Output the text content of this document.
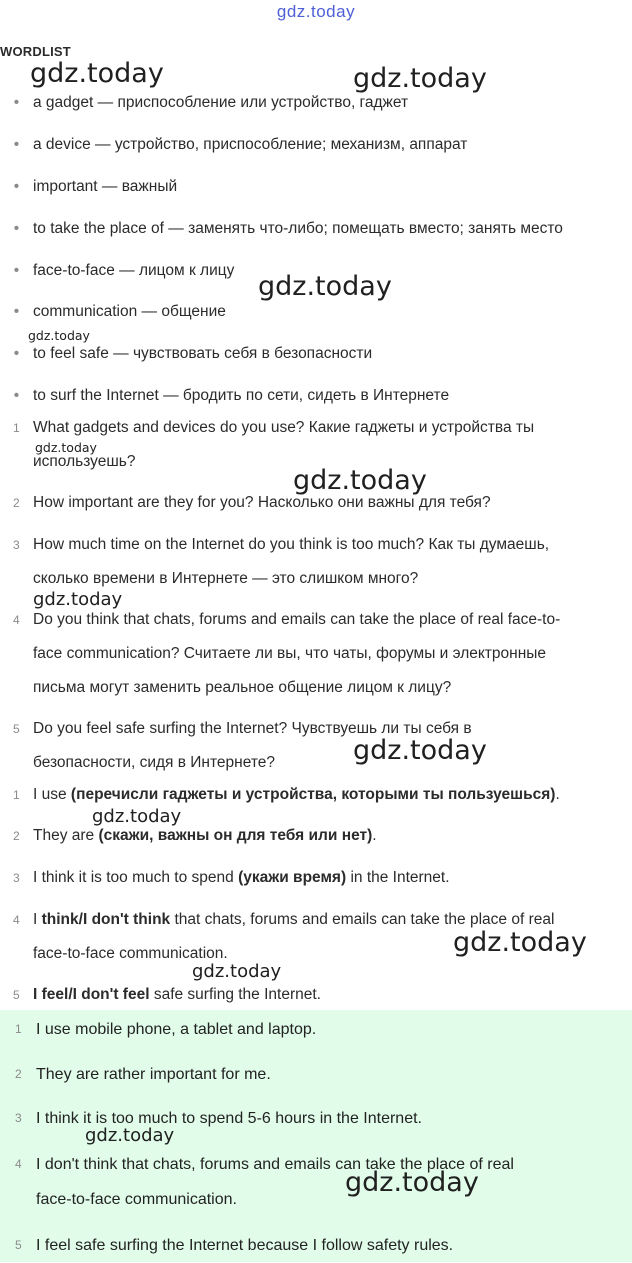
gdz.today
WORDLIST
• a gadget — приспособление или устройство, гаджет
• a device — устройство, приспособление; механизм, аппарат
• important — важный
• to take the place of — заменять что-либо; помещать вместо; занять место
• face-to-face — лицом к лицу
• communication — общение
• to feel safe — чувствовать себя в безопасности
• to surf the Internet — бродить по сети, сидеть в Интернете
1 What gadgets and devices do you use? Какие гаджеты и устройства ты
используешь?
2 How important are they for you? Насколько они важны для тебя?
3 How much time on the Internet do you think is too much? Как ты думаешь,
сколько времени в Интернете — это слишком много?
4 Do you think that chats, forums and emails can take the place of real face-to-
face communication? Считаете ли вы, что чаты, форумы и электронные
письма могут заменить реальное общение лицом к лицу?
5 Do you feel safe surfing the Internet? Чувствуешь ли ты себя в
безопасности, сидя в Интернете?
1 I use (перечисли гаджеты и устройства, которыми ты пользуешься).
2 They are (скажи, важны он для тебя или нет).
3 I think it is too much to spend (укажи время) in the Internet.
4 I think/I don't think that chats, forums and emails can take the place of real
face-to-face communication.
5 I feel/I don't feel safe surfing the Internet.
1 I use mobile phone, a tablet and laptop.
2 They are rather important for me.
3 I think it is too much to spend 5-6 hours in the Internet.
4 I don't think that chats, forums and emails can take the place of real
face-to-face communication.
5 I feel safe surfing the Internet because I follow safety rules.
gdz.today	gdz.today
gdz.today
gdz.today
gdz.today
gdz.today
gdz.today
gdz.today
gdz.today
gdz.today
gdz.today
gdz.today
gdz.today
